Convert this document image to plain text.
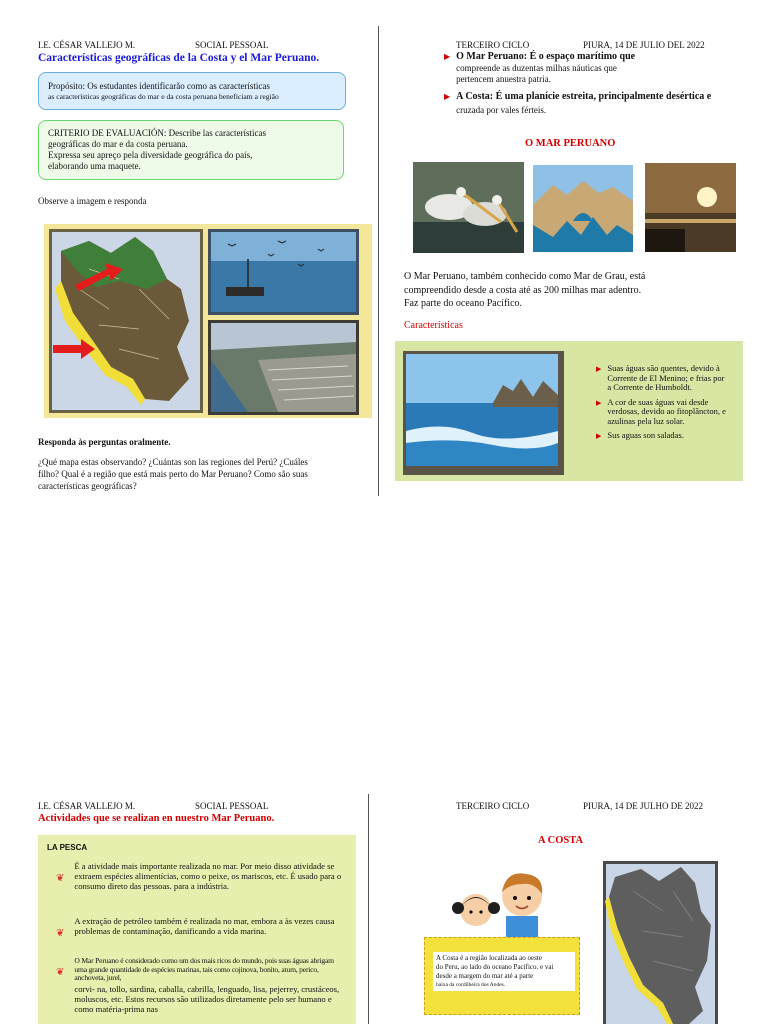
I.E. CÉSAR VALLEJO M.	SOCIAL PESSOAL
Características geográficas de la Costa y el Mar Peruano.
Propósito: Os estudantes identificarão como as características
as características geográficas do mar e da costa peruana beneficiam a região
CRITERIO DE EVALUACIÓN: Describe las características
geográficas do mar e da costa peruana.
Expressa seu apreço pela diversidade geográfica do país,
elaborando uma maquete.
Observe a imagem e responda
Responda às perguntas oralmente.
¿Qué mapa estas observando? ¿Cuántas son las regiones del Perú? ¿Cuáles
filho? Qual é a região que está mais perto do Mar Peruano? Como são suas
características geográficas?
TERCEIRO CICLO	PIURA, 14 DE JULIO DEL 2022
▶ O Mar Peruano: É o espaço marítimo que
compreende as duzentas milhas náuticas que
pertencem anuestra patria.
▶ A Costa: É uma planície estreita, principalmente desértica e
cruzada por vales férteis.
O MAR PERUANO
O Mar Peruano, também conhecido como Mar de Grau, está
compreendido desde a costa até as 200 milhas mar adentro.
Faz parte do oceano Pacífico.
Características
▶ Suas águas são quentes, devido à Corrente de El Menino; e frias por a Corrente de Humboldt.
▶ A cor de suas águas vai desde verdosas, devido ao fitoplâncton, e azulinas pela luz solar.
▶ Sus aguas son saladas.
I.E. CÉSAR VALLEJO M.	SOCIAL PESSOAL
Actividades que se realizan en nuestro Mar Peruano.
LA PESCA
❦
É a atividade mais importante realizada no mar. Por meio disso atividade se extraem espécies alimentícias, como o peixe, os mariscos, etc. É usado para o consumo direto das pessoas. para a indústria.
❦
A extração de petróleo também é realizada no mar, embora a às vezes causa problemas de contaminação, danificando a vida marina.
❦
O Mar Peruano é considerado como um dos mais ricos do mundo, pois suas águas abrigam uma grande quantidade de espécies marinas, tais como cojinova, bonito, atum, perico, anchoveta, jurel,
corvi- na, tollo, sardina, caballa, cabrilla, lenguado, lisa, pejerrey, crustáceos, moluscos, etc. Estos recursos são utilizados diretamente pelo ser humano e como matéria-prima nas
TERCEIRO CICLO	PIURA, 14 DE JULHO DE 2022
A COSTA
A Costa é a região localizada ao oeste
do Peru, ao lado do oceano Pacífico. e vai
desde a margem do mar até a parte
baixa da cordilheira dos Andes.
